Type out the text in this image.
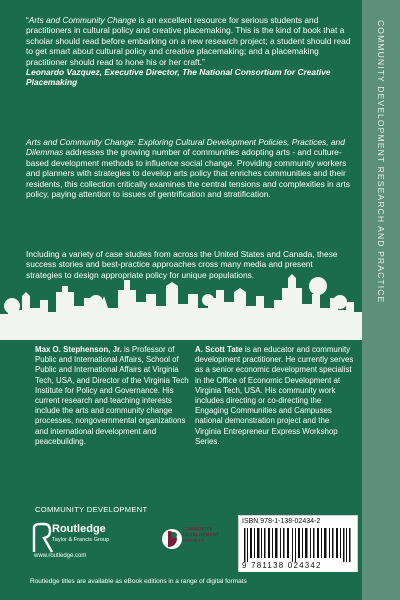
COMMUNITY DEVELOPMENT RESEARCH AND PRACTICE
“Arts and Community Change is an excellent resource for serious students and practitioners in cultural policy and creative placemaking. This is the kind of book that a scholar should read before embarking on a new research project; a student should read to get smart about cultural policy and creative placemaking; and a placemaking practitioner should read to hone his or her craft.”
Leonardo Vazquez, Executive Director, The National Consortium for Creative Placemaking
Arts and Community Change: Exploring Cultural Development Policies, Practices, and Dilemmas addresses the growing number of communities adopting arts - and culture-based development methods to influence social change. Providing community workers and planners with strategies to develop arts policy that enriches communities and their residents, this collection critically examines the central tensions and complexities in arts policy, paying attention to issues of gentrification and stratification.
Including a variety of case studies from across the United States and Canada, these success stories and best-practice approaches cross many media and present strategies to design appropriate policy for unique populations.
Max O. Stephenson, Jr. is Professor of Public and International Affairs, School of Public and International Affairs at Virginia Tech, USA, and Director of the Virginia Tech Institute for Policy and Governance. His current research and teaching interests include the arts and community change processes, nongovernmental organizations and international development and peacebuilding.
A. Scott Tate is an educator and community development practitioner. He currently serves as a senior economic development specialist in the Office of Economic Development at Virginia Tech, USA. His community work includes directing or co-directing the Engaging Communities and Campuses national demonstration project and the Virginia Entrepreneur Express Workshop Series.
COMMUNITY DEVELOPMENT
Routledge
Taylor & Francis Group
www.routledge.com
COMMUNITY
DEVELOPMENT
SOCIETY
ISBN 978-1-138-02434-2
9 781138 024342
Routledge titles are available as eBook editions in a range of digital formats
